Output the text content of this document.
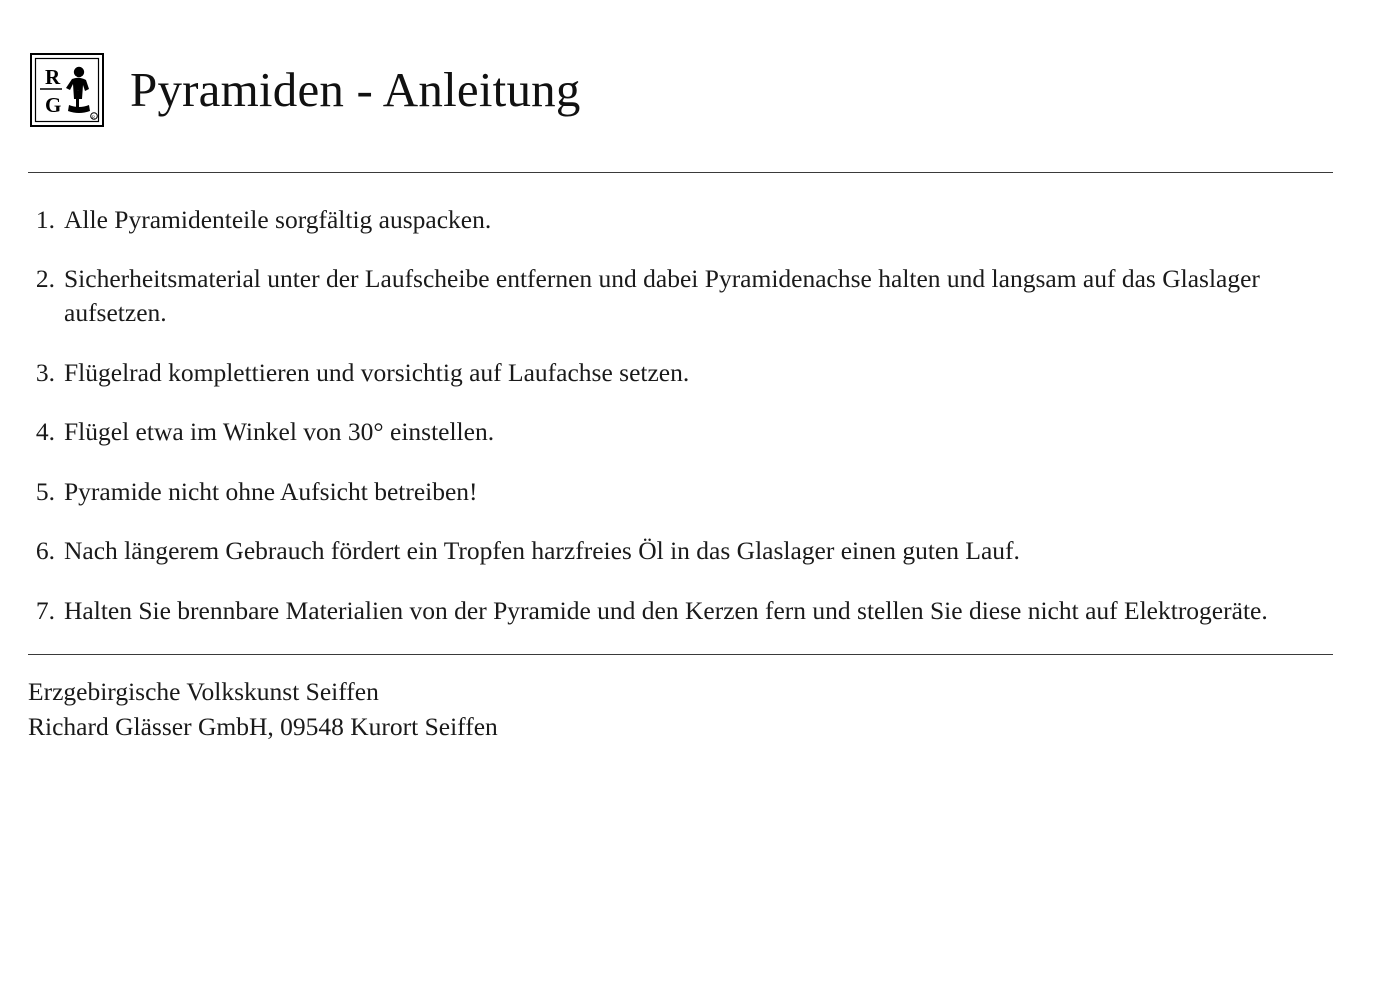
R
G
R
Pyramiden - Anleitung
1. Alle Pyramidenteile sorgfältig auspacken.
2. Sicherheitsmaterial unter der Laufscheibe entfernen und dabei Pyramidenachse halten und langsam auf das Glaslager aufsetzen.
3. Flügelrad komplettieren und vorsichtig auf Laufachse setzen.
4. Flügel etwa im Winkel von 30° einstellen.
5. Pyramide nicht ohne Aufsicht betreiben!
6. Nach längerem Gebrauch fördert ein Tropfen harzfreies Öl in das Glaslager einen guten Lauf.
7. Halten Sie brennbare Materialien von der Pyramide und den Kerzen fern und stellen Sie diese nicht auf Elektrogeräte.
Erzgebirgische Volkskunst Seiffen
Richard Glässer GmbH, 09548 Kurort Seiffen
